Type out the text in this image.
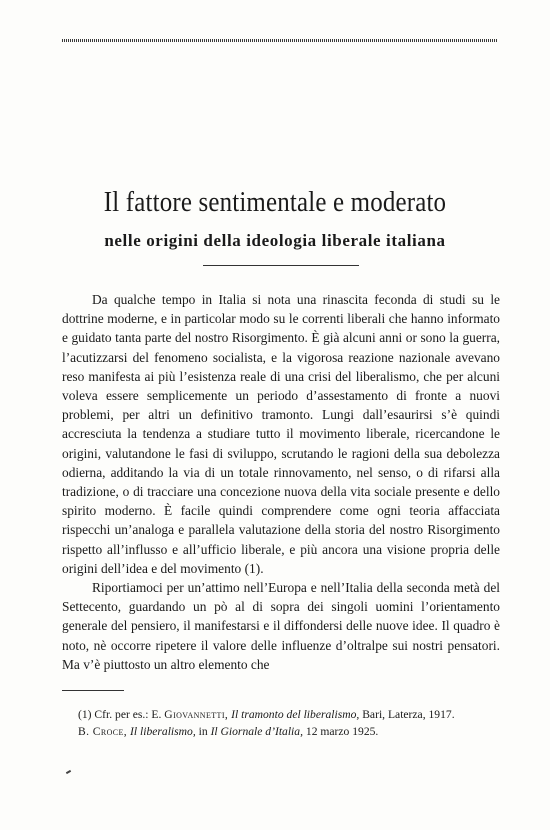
Il fattore sentimentale e moderato
nelle origini della ideologia liberale italiana

Da qualche tempo in Italia si nota una rinascita feconda di studi su le dottrine moderne, e in particolar modo su le correnti liberali che hanno informato e guidato tanta parte del nostro Risorgimento. È già alcuni anni or sono la guerra, l’acutizzarsi del fenomeno socialista, e la vigorosa reazione nazionale avevano reso manifesta ai più l’esistenza reale di una crisi del liberalismo, che per alcuni voleva essere semplicemente un periodo d’assestamento di fronte a nuovi problemi, per altri un definitivo tramonto. Lungi dall’esaurirsi s’è quindi accresciuta la tendenza a studiare tutto il movimento liberale, ricercandone le origini, valutandone le fasi di sviluppo, scrutando le ragioni della sua debolezza odierna, additando la via di un totale rinnovamento, nel senso, o di rifarsi alla tradizione, o di tracciare una concezione nuova della vita sociale presente e dello spirito moderno. È facile quindi comprendere come ogni teoria affacciata rispecchi un’analoga e parallela valutazione della storia del nostro Risorgimento rispetto all’influsso e all’ufficio liberale, e più ancora una visione propria delle origini dell’idea e del movimento (1).

Riportiamoci per un’attimo nell’Europa e nell’Italia della seconda metà del Settecento, guardando un pò al di sopra dei singoli uomini l’orientamento generale del pensiero, il manifestarsi e il diffondersi delle nuove idee. Il quadro è noto, nè occorre ripetere il valore delle influenze d’oltralpe sui nostri pensatori. Ma v’è piuttosto un altro elemento che

(1) Cfr. per es.: E. Giovannetti, Il tramonto del liberalismo, Bari, Laterza, 1917.

B. Croce, Il liberalismo, in Il Giornale d’Italia, 12 marzo 1925.
